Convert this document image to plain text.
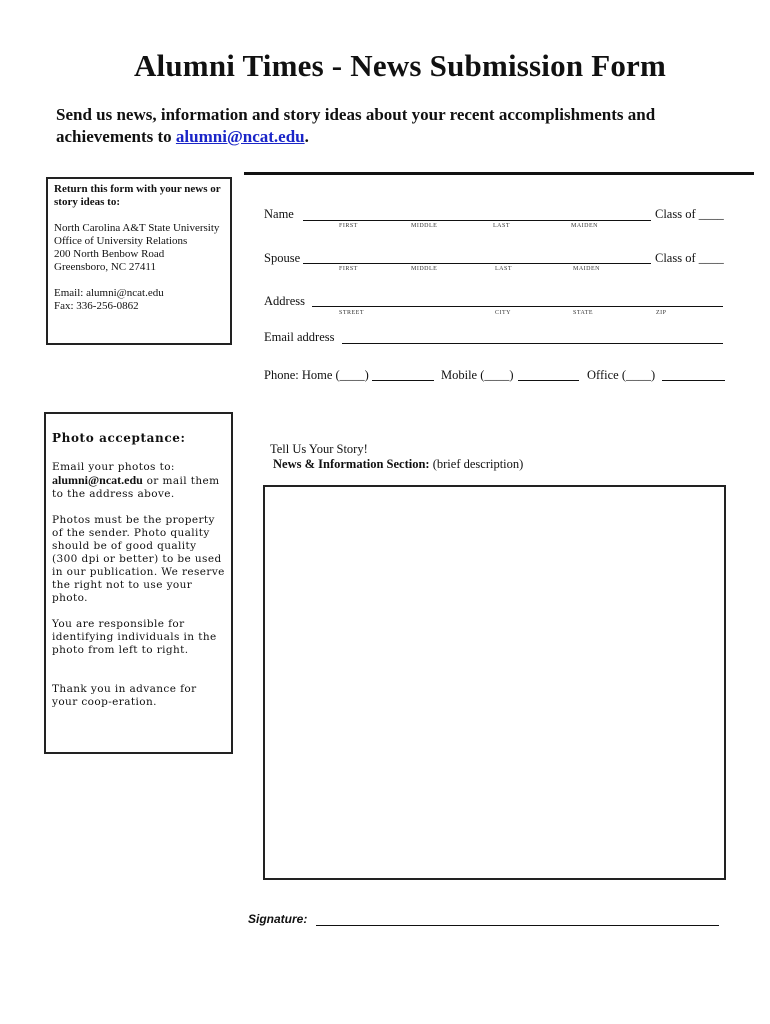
Alumni Times - News Submission Form
Send us news, information and story ideas about your recent accomplishments and achievements to alumni@ncat.edu.

Return this form with your news or story ideas to:

North Carolina A&T State University

Office of University Relations

200 North Benbow Road

Greensboro, NC 27411

Email: alumni@ncat.edu

Fax: 336-256-0862

Name	Class of ____
FIRST	MIDDLE	LAST	MAIDEN
Spouse	Class of ____
FIRST	MIDDLE	LAST	MAIDEN
Address
STREET	CITY	STATE	ZIP
Email address
Phone: Home (____)	Mobile (____)	Office (____)
Photo acceptance:

Email your photos to:
alumni@ncat.edu or mail them to the address above.

Photos must be the property of the sender. Photo quality should be of good quality (300 dpi or better) to be used in our publication. We reserve the right not to use your photo.

You are responsible for identifying individuals in the photo from left to right.

Thank you in advance for your coop-eration.

Tell Us Your Story!
News & Information Section: (brief description)
Signature:
